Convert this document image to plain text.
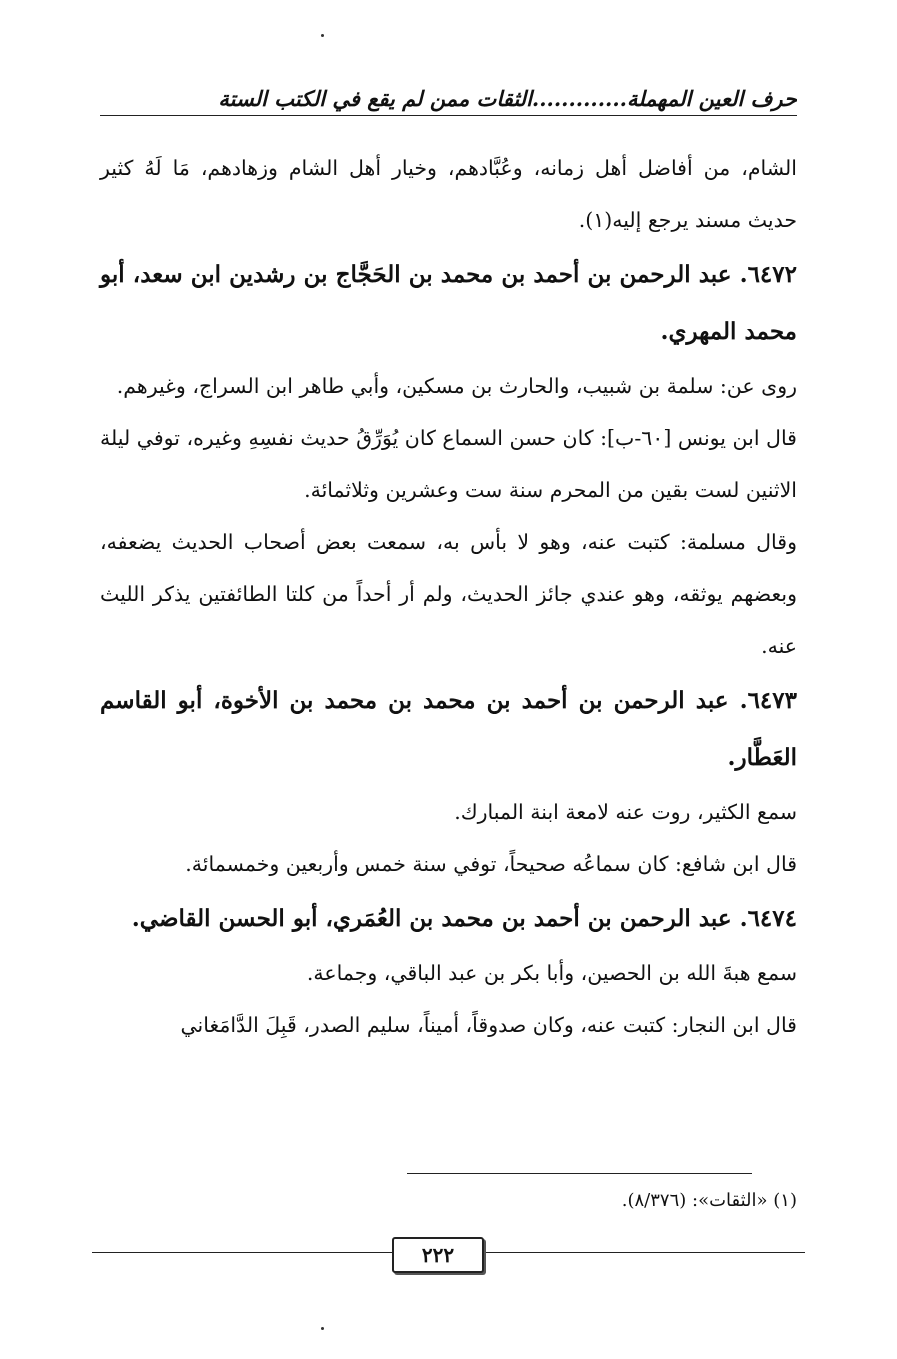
حرف العين المهملة.............الثقات ممن لم يقع في الكتب الستة

الشام، من أفاضل أهل زمانه، وعُبَّادهم، وخيار أهل الشام وزهادهم، مَا لَهُ كثير حديث مسند يرجع إليه(١).

٦٤٧٢. عبد الرحمن بن أحمد بن محمد بن الحَجَّاج بن رشدين ابن سعد، أبو محمد المهري.

روى عن: سلمة بن شبيب، والحارث بن مسكين، وأبي طاهر ابن السراج، وغيرهم.

قال ابن يونس [٦٠-ب]: كان حسن السماع كان يُوَرِّقُ حديث نفسِهِ وغيره، توفي ليلة الاثنين لست بقين من المحرم سنة ست وعشرين وثلاثمائة.

وقال مسلمة: كتبت عنه، وهو لا بأس به، سمعت بعض أصحاب الحديث يضعفه، وبعضهم يوثقه، وهو عندي جائز الحديث، ولم أر أحداً من كلتا الطائفتين يذكر الليث عنه.

٦٤٧٣. عبد الرحمن بن أحمد بن محمد بن محمد بن الأخوة، أبو القاسم العَطَّار.

سمع الكثير، روت عنه لامعة ابنة المبارك.

قال ابن شافع: كان سماعُه صحيحاً، توفي سنة خمس وأربعين وخمسمائة.

٦٤٧٤. عبد الرحمن بن أحمد بن محمد بن العُمَري، أبو الحسن القاضي.

سمع هبةَ الله بن الحصين، وأبا بكر بن عبد الباقي، وجماعة.

قال ابن النجار: كتبت عنه، وكان صدوقاً، أميناً، سليم الصدر، قَبِلَ الدَّامَغاني

(١) «الثقات»: (٨/٣٧٦).
٢٢٢
